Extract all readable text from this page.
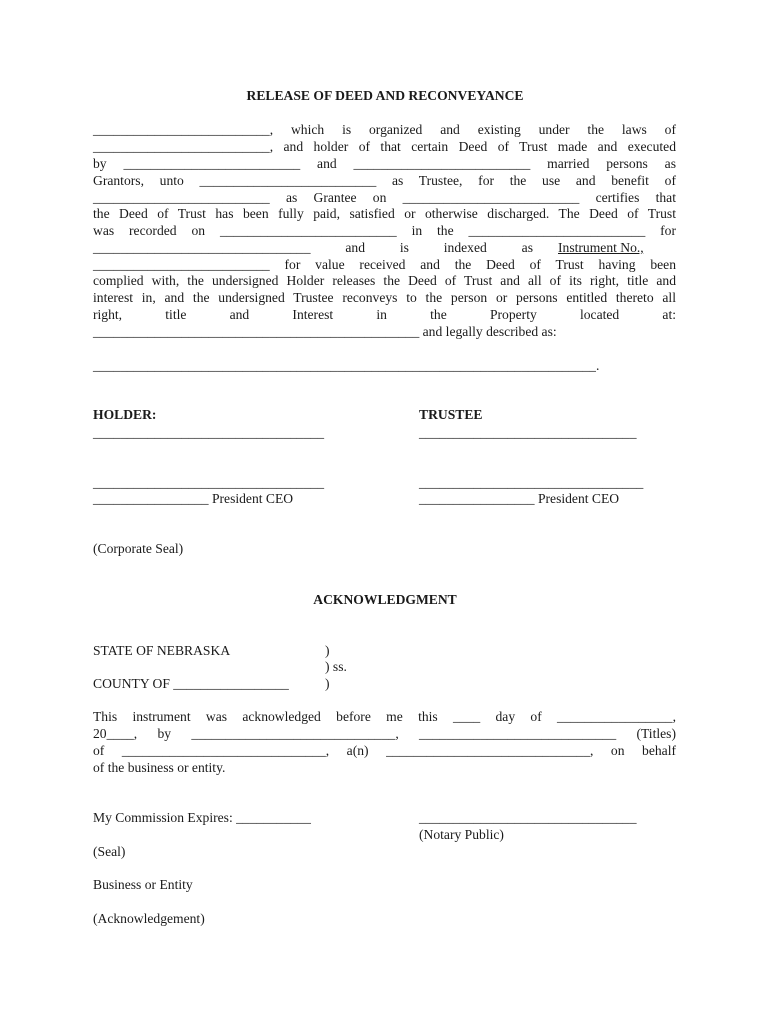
RELEASE OF DEED AND RECONVEYANCE
__________________________, which is organized and existing under the laws of
__________________________, and holder of that certain Deed of Trust made and executed
by __________________________ and __________________________ married persons as
Grantors, unto __________________________ as Trustee, for the use and benefit of
__________________________ as Grantee on __________________________ certifies that
the Deed of Trust has been fully paid, satisfied or otherwise discharged. The Deed of Trust
was recorded on __________________________ in the __________________________ for
________________________________ and is indexed as Instrument No.,
__________________________ for value received and the Deed of Trust having been
complied with, the undersigned Holder releases the Deed of Trust and all of its right, title and
interest in, and the undersigned Trustee reconveys to the person or persons entitled thereto all
right, title and Interest in the Property located at:
________________________________________________ and legally described as:
__________________________________________________________________________.
HOLDER:
__________________________________
__________________________________
_________________ President CEO
TRUSTEE
________________________________
_________________________________
_________________ President CEO
(Corporate Seal)
ACKNOWLEDGMENT
STATE OF NEBRASKA	)
) ss.
COUNTY OF _________________	)
This instrument was acknowledged before me this ____ day of _________________,
20____, by ______________________________, _____________________________ (Titles)
of ______________________________, a(n) ______________________________, on behalf
of the business or entity.
My Commission Expires: ___________	________________________________
(Notary Public)
(Seal)
Business or Entity
(Acknowledgement)
